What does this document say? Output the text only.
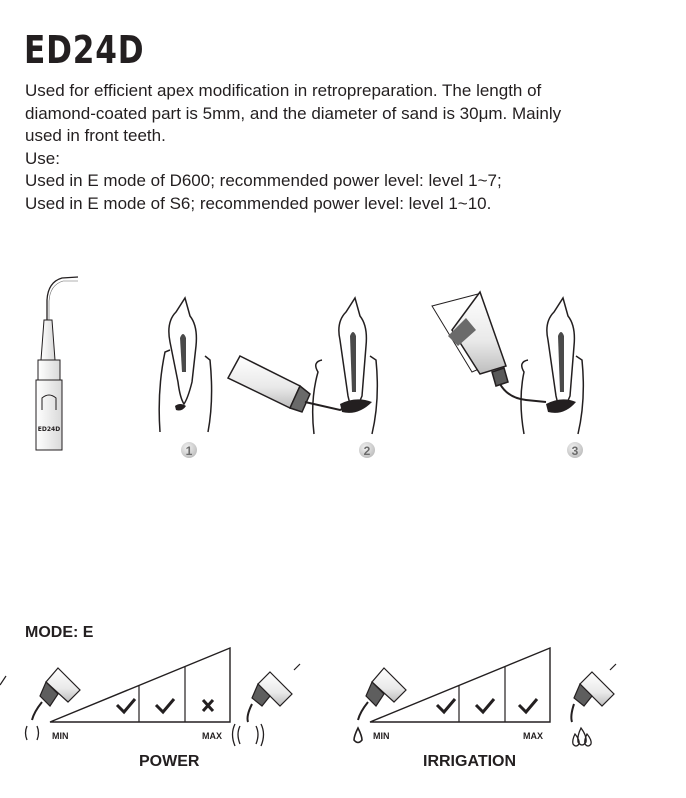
ED24D
Used for efficient apex modification in retropreparation. The length of
diamond-coated part is 5mm, and the diameter of sand is 30μm. Mainly
used in front teeth.
Use:
Used in E mode of D600; recommended power level: level 1~7;
Used in E mode of S6; recommended power level: level 1~10.
ED24D
1	2	3
MIN	MAX	MIN	MAX
MODE: E
POWER	IRRIGATION
